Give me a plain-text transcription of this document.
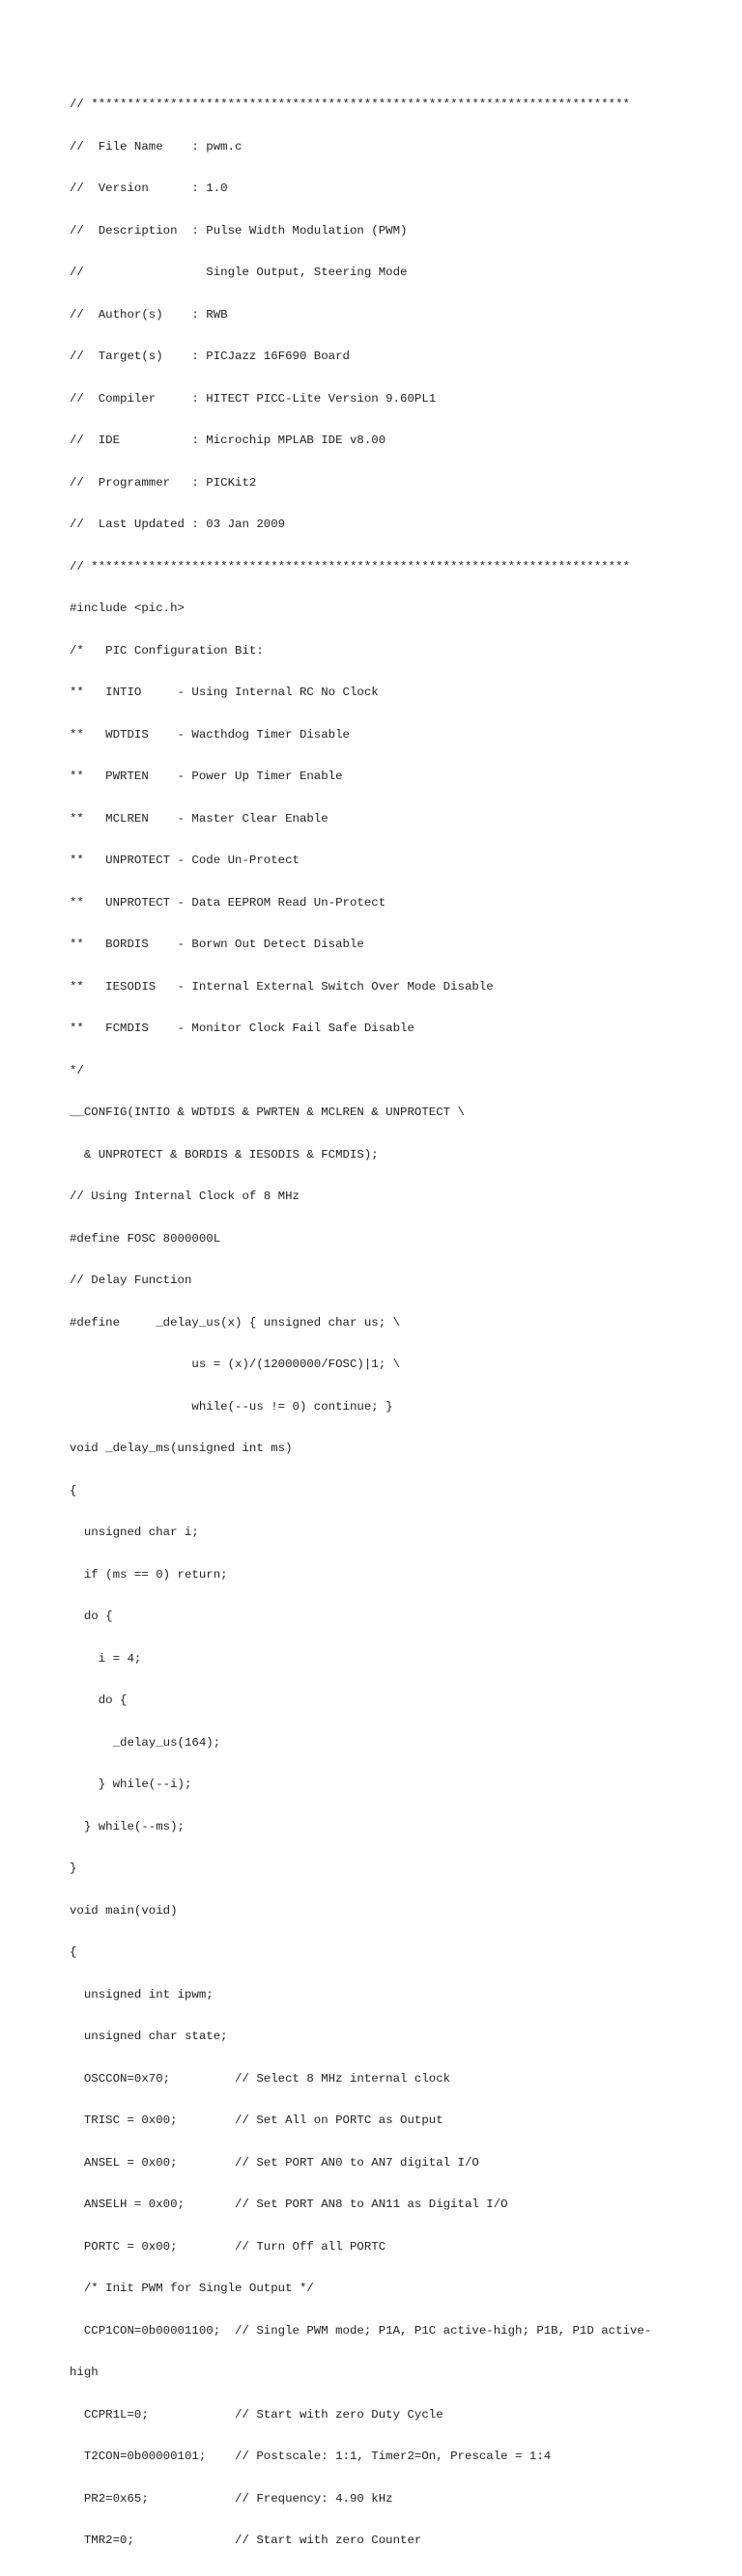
// ***************************************************************************

//  File Name    : pwm.c

//  Version      : 1.0

//  Description  : Pulse Width Modulation (PWM)

//                 Single Output, Steering Mode

//  Author(s)    : RWB

//  Target(s)    : PICJazz 16F690 Board

//  Compiler     : HITECT PICC-Lite Version 9.60PL1

//  IDE          : Microchip MPLAB IDE v8.00

//  Programmer   : PICKit2

//  Last Updated : 03 Jan 2009

// ***************************************************************************

#include <pic.h>

/*   PIC Configuration Bit:

**   INTIO     - Using Internal RC No Clock

**   WDTDIS    - Wacthdog Timer Disable

**   PWRTEN    - Power Up Timer Enable

**   MCLREN    - Master Clear Enable

**   UNPROTECT - Code Un-Protect

**   UNPROTECT - Data EEPROM Read Un-Protect

**   BORDIS    - Borwn Out Detect Disable

**   IESODIS   - Internal External Switch Over Mode Disable

**   FCMDIS    - Monitor Clock Fail Safe Disable

*/

__CONFIG(INTIO & WDTDIS & PWRTEN & MCLREN & UNPROTECT \

& UNPROTECT & BORDIS & IESODIS & FCMDIS);

// Using Internal Clock of 8 MHz

#define FOSC 8000000L

// Delay Function

#define     _delay_us(x) { unsigned char us; \

us = (x)/(12000000/FOSC)|1; \

while(--us != 0) continue; }

void _delay_ms(unsigned int ms)

{

unsigned char i;

if (ms == 0) return;

do {

i = 4;

do {

_delay_us(164);

} while(--i);

} while(--ms);

}

void main(void)

{

unsigned int ipwm;

unsigned char state;

OSCCON=0x70;         // Select 8 MHz internal clock

TRISC = 0x00;        // Set All on PORTC as Output

ANSEL = 0x00;        // Set PORT AN0 to AN7 digital I/O

ANSELH = 0x00;       // Set PORT AN8 to AN11 as Digital I/O

PORTC = 0x00;        // Turn Off all PORTC

/* Init PWM for Single Output */

CCP1CON=0b00001100;  // Single PWM mode; P1A, P1C active-high; P1B, P1D active-

high

CCPR1L=0;            // Start with zero Duty Cycle

T2CON=0b00000101;    // Postscale: 1:1, Timer2=On, Prescale = 1:4

PR2=0x65;            // Frequency: 4.90 kHz

TMR2=0;              // Start with zero Counter
